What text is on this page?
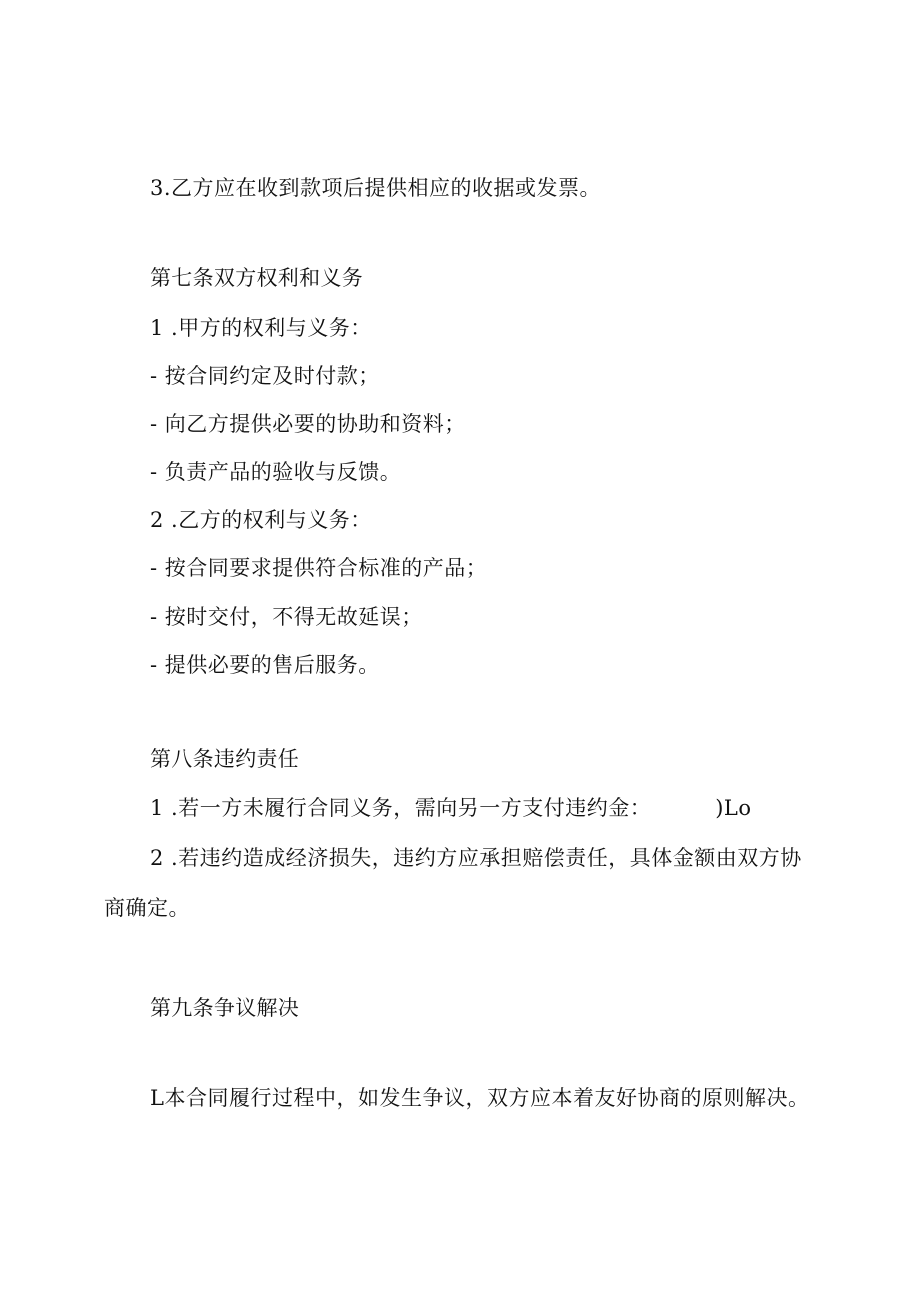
3.乙方应在收到款项后提供相应的收据或发票。
第七条双方权利和义务
1 .甲方的权利与义务：
- 按合同约定及时付款；
- 向乙方提供必要的协助和资料；
- 负责产品的验收与反馈。
2 .乙方的权利与义务：
- 按合同要求提供符合标准的产品；
- 按时交付，不得无故延误；
- 提供必要的售后服务。
第八条违约责任
1 .若一方未履行合同义务，需向另一方支付违约金：	)Lo
2 .若违约造成经济损失，违约方应承担赔偿责任，具体金额由双方协
商确定。
第九条争议解决
L本合同履行过程中，如发生争议，双方应本着友好协商的原则解决。
